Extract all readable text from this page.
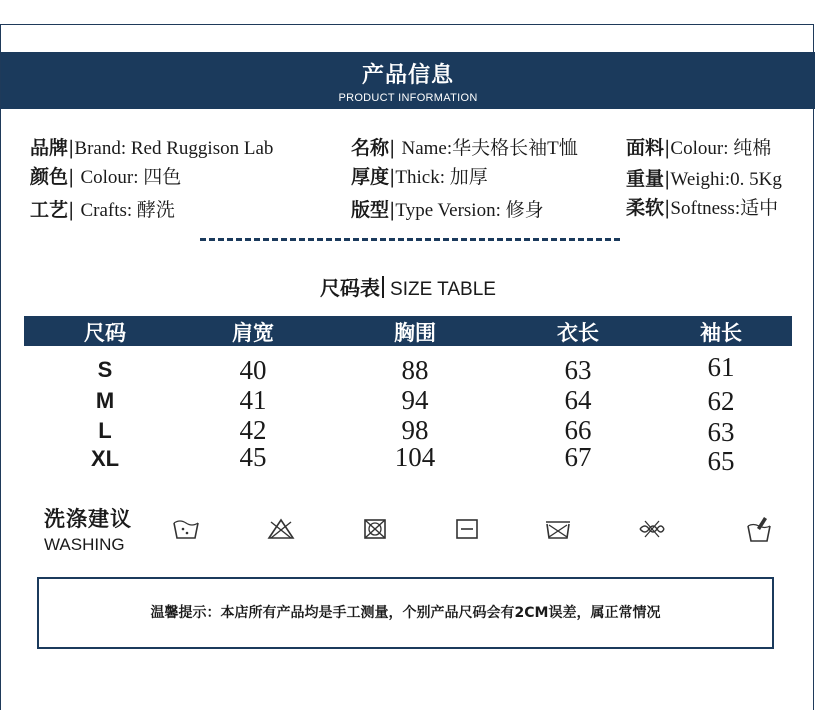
产品信息
PRODUCT INFORMATION
品牌|Brand: Red Ruggison Lab	名称| Name:华夫格长袖T恤	面料|Colour: 纯棉
颜色| Colour: 四色	厚度|Thick: 加厚	重量|Weighi:0. 5Kg
工艺| Crafts: 酵洗	版型|Type Version: 修身	柔软|Softness:适中
尺码表 SIZE TABLE
尺码	肩宽	胸围	衣长	袖长
S	40	88	63	61
M	41	94	64	62
L	42	98	66	63
XL	45	104	67	65
洗涤建议
WASHING
温馨提示：本店所有产品均是手工测量，个别产品尺码会有2CM误差，属正常情况
